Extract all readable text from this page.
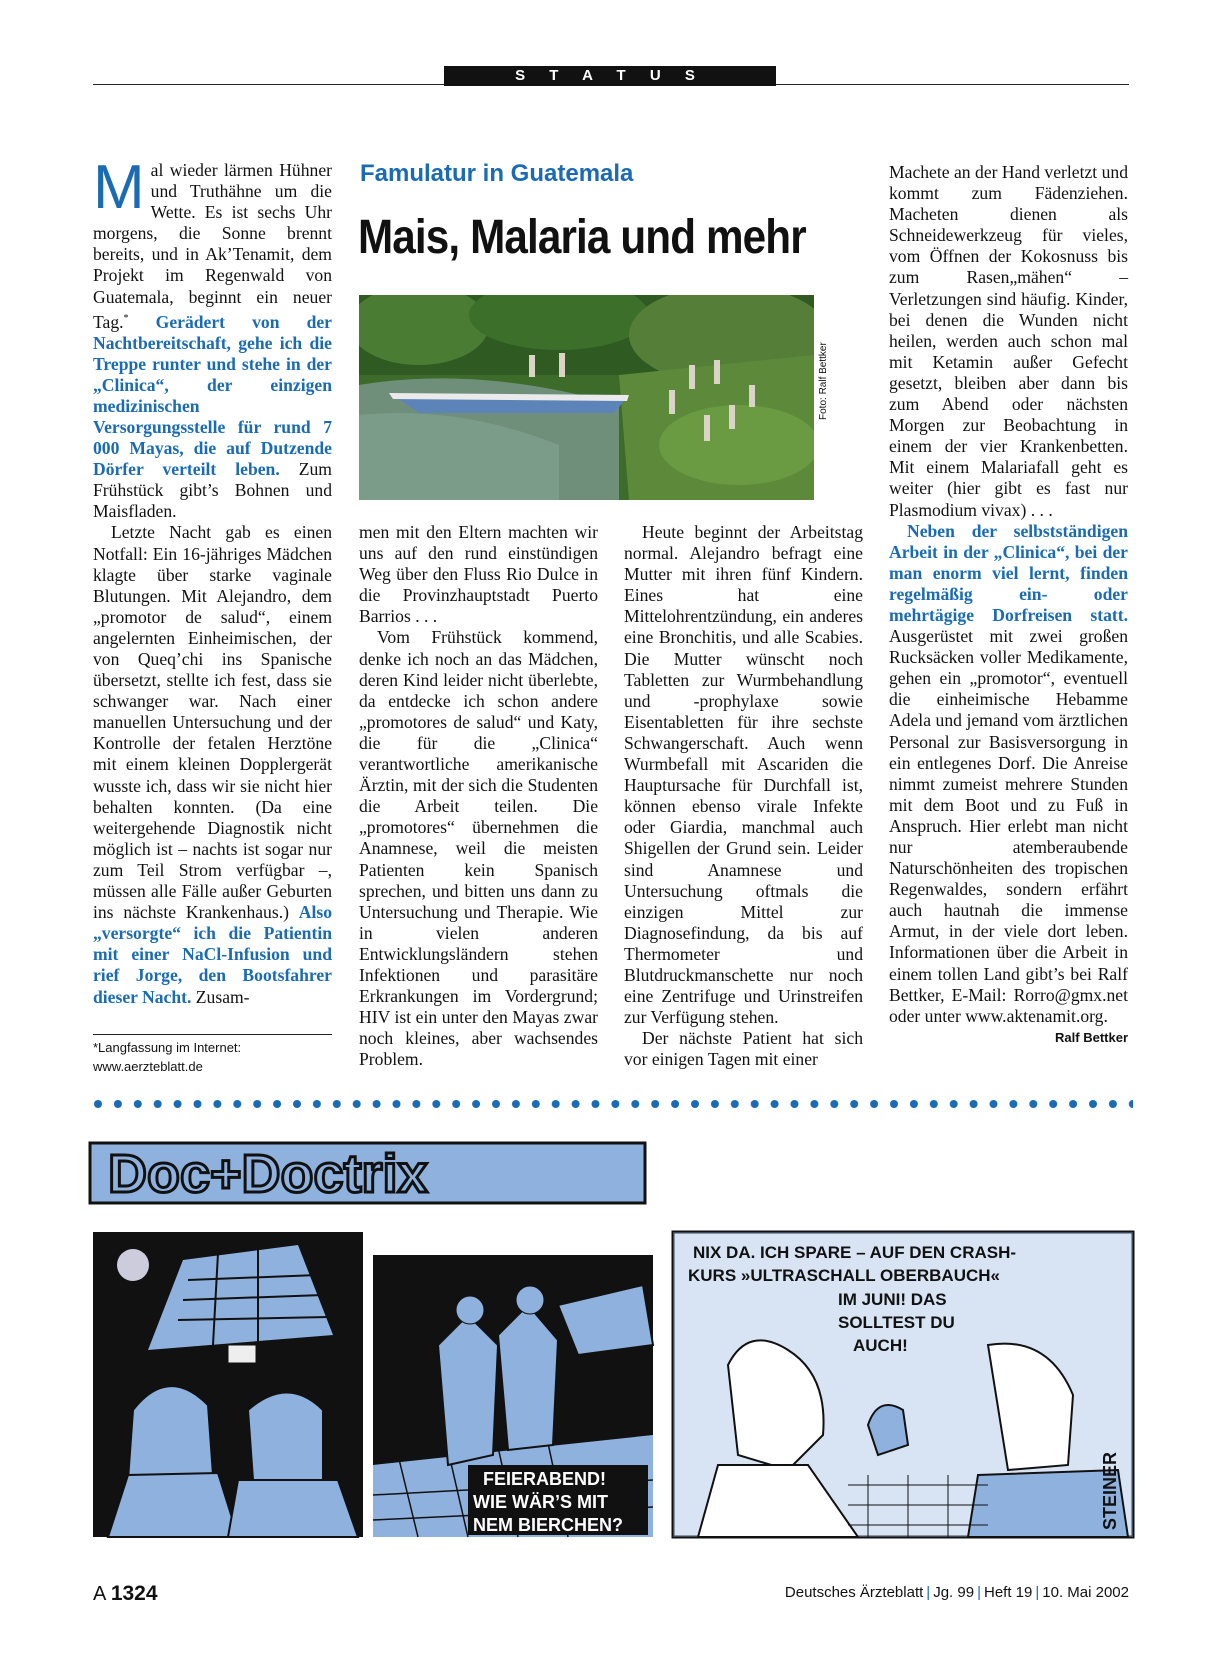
S T A T U S

Mal wieder lärmen Hühner und Truthähne um die Wette. Es ist sechs Uhr morgens, die Sonne brennt bereits, und in Ak’Tenamit, dem Projekt im Regenwald von Guatemala, beginnt ein neuer Tag.* Gerädert von der Nachtbereitschaft, gehe ich die Treppe runter und stehe in der „Clinica“, der einzigen medizinischen Versorgungsstelle für rund 7 000 Mayas, die auf Dutzende Dörfer verteilt leben. Zum Frühstück gibt’s Bohnen und Maisfladen.

Letzte Nacht gab es einen Notfall: Ein 16-jähriges Mädchen klagte über starke vaginale Blutungen. Mit Alejandro, dem „promotor de salud“, einem angelernten Einheimischen, der von Queq’chi ins Spanische übersetzt, stellte ich fest, dass sie schwanger war. Nach einer manuellen Untersuchung und der Kontrolle der fetalen Herztöne mit einem kleinen Dopplergerät wusste ich, dass wir sie nicht hier behalten konnten. (Da eine weitergehende Diagnostik nicht möglich ist – nachts ist sogar nur zum Teil Strom verfügbar –, müssen alle Fälle außer Geburten ins nächste Krankenhaus.) Also „versorgte“ ich die Patientin mit einer NaCl-Infusion und rief Jorge, den Bootsfahrer dieser Nacht. Zusam-

*Langfassung im Internet:
www.aerzteblatt.de
Famulatur in Guatemala
Mais, Malaria und mehr
Foto: Ralf Bettker

men mit den Eltern machten wir uns auf den rund einstündigen Weg über den Fluss Rio Dulce in die Provinzhauptstadt Puerto Barrios . . .

Vom Frühstück kommend, denke ich noch an das Mädchen, deren Kind leider nicht überlebte, da entdecke ich schon andere „promotores de salud“ und Katy, die für die „Clinica“ verantwortliche amerikanische Ärztin, mit der sich die Studenten die Arbeit teilen. Die „promotores“ übernehmen die Anamnese, weil die meisten Patienten kein Spanisch sprechen, und bitten uns dann zu Untersuchung und Therapie. Wie in vielen anderen Entwicklungsländern stehen Infektionen und parasitäre Erkrankungen im Vordergrund; HIV ist ein unter den Mayas zwar noch kleines, aber wachsendes Problem.

Heute beginnt der Arbeitstag normal. Alejandro befragt eine Mutter mit ihren fünf Kindern. Eines hat eine Mittelohrentzündung, ein anderes eine Bronchitis, und alle Scabies. Die Mutter wünscht noch Tabletten zur Wurmbehandlung und -prophylaxe sowie Eisentabletten für ihre sechste Schwangerschaft. Auch wenn Wurmbefall mit Ascariden die Hauptursache für Durchfall ist, können ebenso virale Infekte oder Giardia, manchmal auch Shigellen der Grund sein. Leider sind Anamnese und Untersuchung oftmals die einzigen Mittel zur Diagnosefindung, da bis auf Thermometer und Blutdruckmanschette nur noch eine Zentrifuge und Urinstreifen zur Verfügung stehen.

Der nächste Patient hat sich vor einigen Tagen mit einer

Machete an der Hand verletzt und kommt zum Fädenziehen. Macheten dienen als Schneidewerkzeug für vieles, vom Öffnen der Kokosnuss bis zum Rasen„mähen“ – Verletzungen sind häufig. Kinder, bei denen die Wunden nicht heilen, werden auch schon mal mit Ketamin außer Gefecht gesetzt, bleiben aber dann bis zum Abend oder nächsten Morgen zur Beobachtung in einem der vier Krankenbetten. Mit einem Malariafall geht es weiter (hier gibt es fast nur Plasmodium vivax) . . .

Neben der selbstständigen Arbeit in der „Clinica“, bei der man enorm viel lernt, finden regelmäßig ein- oder mehrtägige Dorfreisen statt. Ausgerüstet mit zwei großen Rucksäcken voller Medikamente, gehen ein „promotor“, eventuell die einheimische Hebamme Adela und jemand vom ärztlichen Personal zur Basisversorgung in ein entlegenes Dorf. Die Anreise nimmt zumeist mehrere Stunden mit dem Boot und zu Fuß in Anspruch. Hier erlebt man nicht nur atemberaubende Naturschönheiten des tropischen Regenwaldes, sondern erfährt auch hautnah die immense Armut, in der viele dort leben. Informationen über die Arbeit in einem tollen Land gibt’s bei Ralf Bettker, E-Mail: Rorro@gmx.net oder unter www.aktenamit.org.
Ralf Bettker

Doc+Doctrix
FEIERABEND!
WIE WÄR’S MIT
NEM BIERCHEN?
NIX DA. ICH SPARE – AUF DEN CRASH-
KURS »ULTRASCHALL OBERBAUCH«
IM JUNI! DAS
SOLLTEST DU
AUCH!
STEINER
A 1324	Deutsches Ärzteblatt | Jg. 99 | Heft 19 | 10. Mai 2002
